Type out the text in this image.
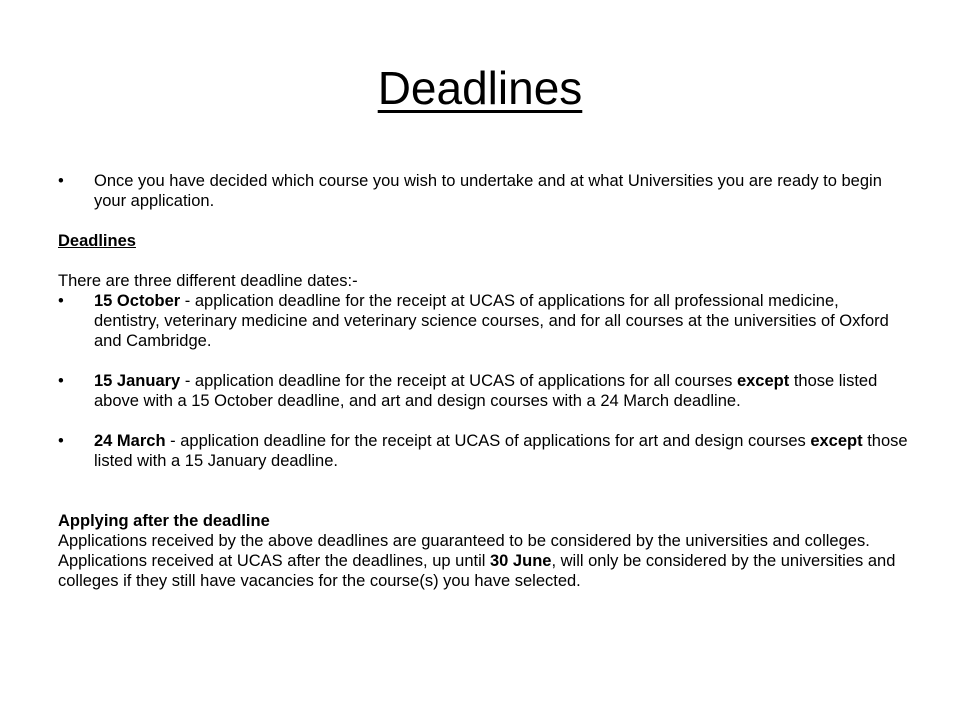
Deadlines
• Once you have decided which course you wish to undertake and at what Universities you are ready to begin your application.
Deadlines
There are three different deadline dates:-
• 15 October - application deadline for the receipt at UCAS of applications for all professional medicine, dentistry, veterinary medicine and veterinary science courses, and for all courses at the universities of Oxford and Cambridge.
• 15 January - application deadline for the receipt at UCAS of applications for all courses except those listed above with a 15 October deadline, and art and design courses with a 24 March deadline.
• 24 March - application deadline for the receipt at UCAS of applications for art and design courses except those listed with a 15 January deadline.
Applying after the deadline
Applications received by the above deadlines are guaranteed to be considered by the universities and colleges. Applications received at UCAS after the deadlines, up until 30 June, will only be considered by the universities and colleges if they still have vacancies for the course(s) you have selected.
